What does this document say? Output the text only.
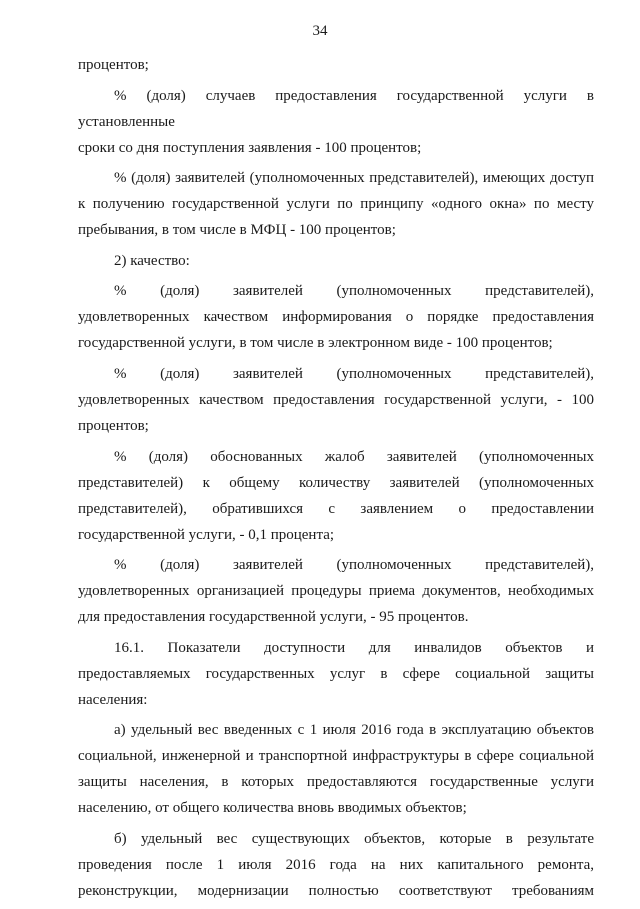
34

процентов;

% (доля) случаев предоставления государственной услуги в установленные
сроки со дня поступления заявления - 100 процентов;

% (доля) заявителей (уполномоченных представителей), имеющих доступ
к получению государственной услуги по принципу «одного окна» по месту
пребывания, в том числе в МФЦ - 100 процентов;

2) качество:

% (доля) заявителей (уполномоченных представителей),
удовлетворенных качеством информирования о порядке предоставления
государственной услуги, в том числе в электронном виде - 100 процентов;

% (доля) заявителей (уполномоченных представителей),
удовлетворенных качеством предоставления государственной услуги, - 100
процентов;

% (доля) обоснованных жалоб заявителей (уполномоченных
представителей) к общему количеству заявителей (уполномоченных
представителей), обратившихся с заявлением о предоставлении
государственной услуги, - 0,1 процента;

% (доля) заявителей (уполномоченных представителей),
удовлетворенных организацией процедуры приема документов, необходимых
для предоставления государственной услуги, - 95 процентов.

16.1. Показатели доступности для инвалидов объектов и
предоставляемых государственных услуг в сфере социальной защиты
населения:

а) удельный вес введенных с 1 июля 2016 года в эксплуатацию объектов
социальной, инженерной и транспортной инфраструктуры в сфере социальной
защиты населения, в которых предоставляются государственные услуги
населению, от общего количества вновь вводимых объектов;

б) удельный вес существующих объектов, которые в результате
проведения после 1 июля 2016 года на них капитального ремонта,
реконструкции, модернизации полностью соответствуют требованиям
